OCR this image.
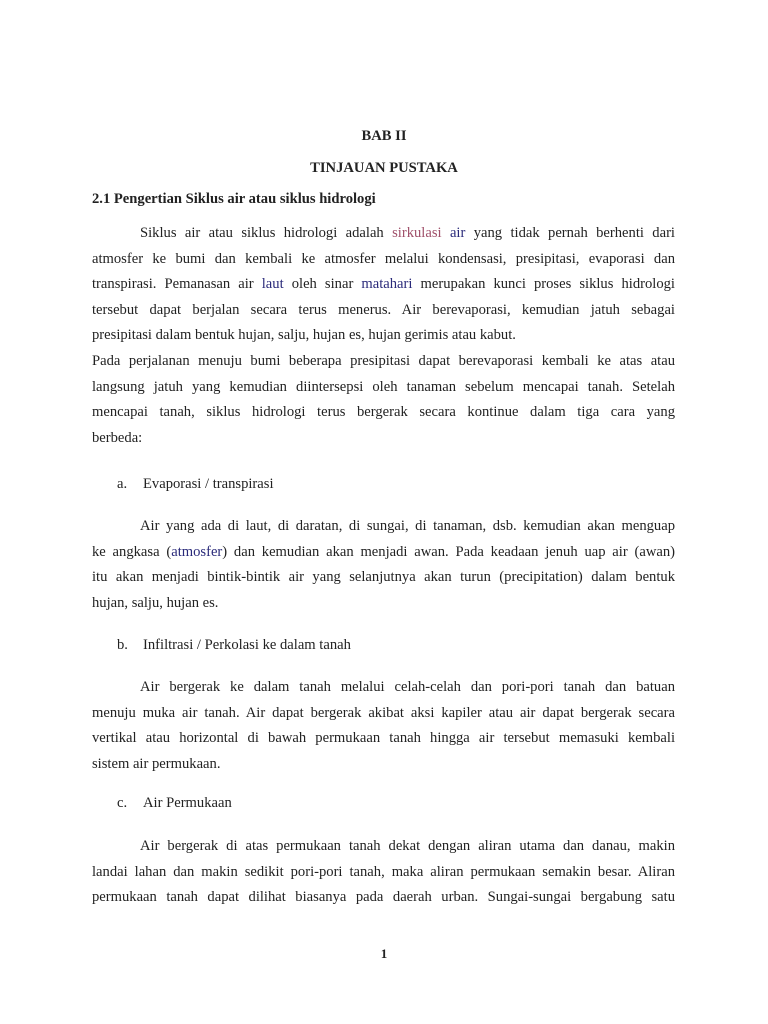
BAB II
TINJAUAN PUSTAKA
2.1 Pengertian Siklus air atau siklus hidrologi
Siklus air atau siklus hidrologi adalah sirkulasi air yang tidak pernah berhenti dari
atmosfer ke bumi dan kembali ke atmosfer melalui kondensasi, presipitasi, evaporasi dan
transpirasi. Pemanasan air laut oleh sinar matahari merupakan kunci proses siklus hidrologi
tersebut dapat berjalan secara terus menerus. Air berevaporasi, kemudian jatuh sebagai
presipitasi dalam bentuk hujan, salju, hujan es, hujan gerimis atau kabut.
Pada perjalanan menuju bumi beberapa presipitasi dapat berevaporasi kembali ke atas atau
langsung jatuh yang kemudian diintersepsi oleh tanaman sebelum mencapai tanah. Setelah
mencapai tanah, siklus hidrologi terus bergerak secara kontinue dalam tiga cara yang
berbeda:
a. Evaporasi / transpirasi
Air yang ada di laut, di daratan, di sungai, di tanaman, dsb. kemudian akan menguap
ke angkasa (atmosfer) dan kemudian akan menjadi awan. Pada keadaan jenuh uap air (awan)
itu akan menjadi bintik-bintik air yang selanjutnya akan turun (precipitation) dalam bentuk
hujan, salju, hujan es.
b. Infiltrasi / Perkolasi ke dalam tanah
Air bergerak ke dalam tanah melalui celah-celah dan pori-pori tanah dan batuan
menuju muka air tanah. Air dapat bergerak akibat aksi kapiler atau air dapat bergerak secara
vertikal atau horizontal di bawah permukaan tanah hingga air tersebut memasuki kembali
sistem air permukaan.
c. Air Permukaan
Air bergerak di atas permukaan tanah dekat dengan aliran utama dan danau, makin
landai lahan dan makin sedikit pori-pori tanah, maka aliran permukaan semakin besar. Aliran
permukaan tanah dapat dilihat biasanya pada daerah urban. Sungai-sungai bergabung satu
1
